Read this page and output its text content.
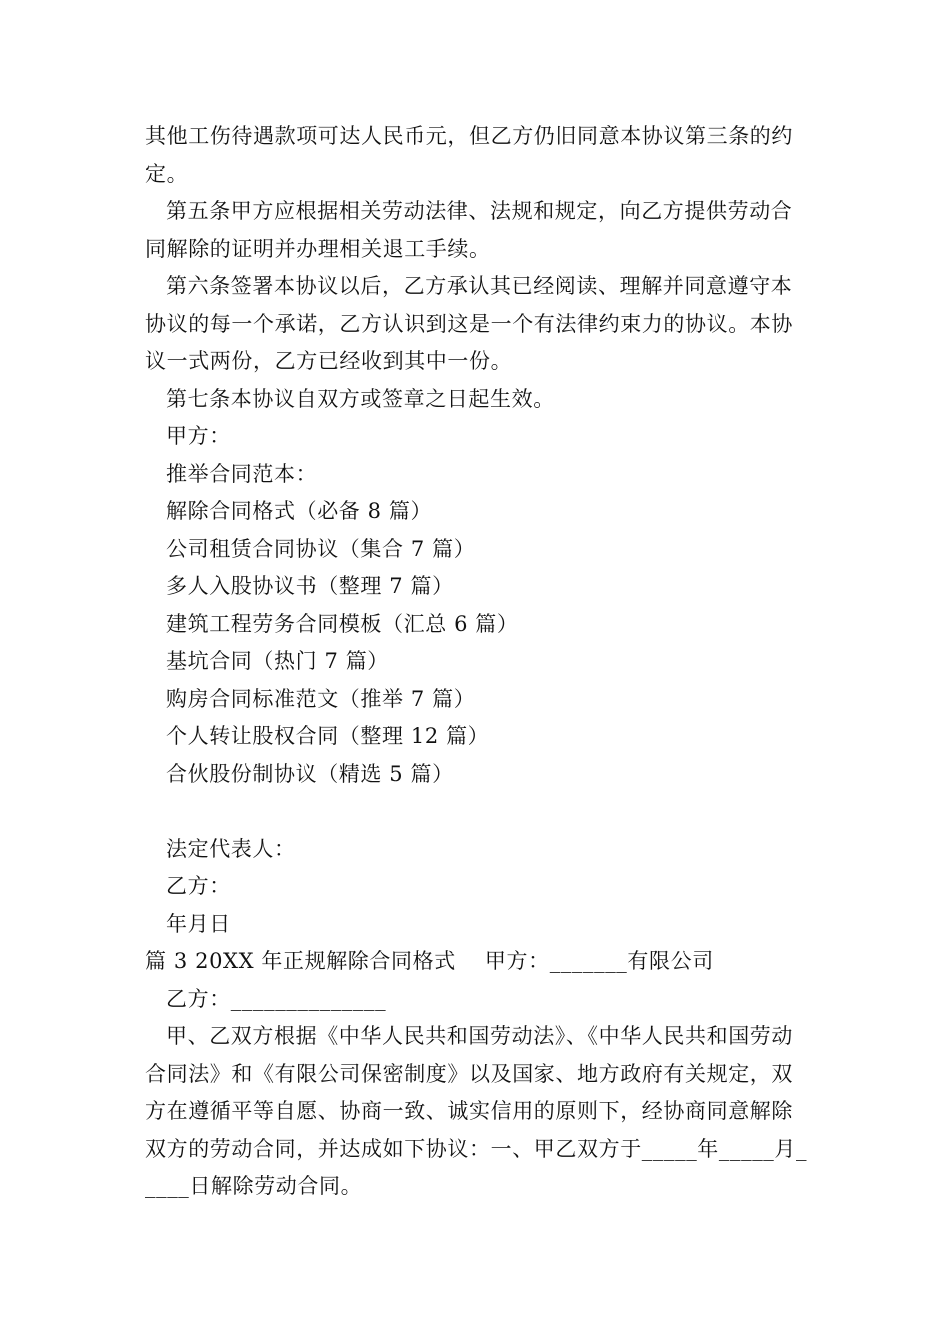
其他工伤待遇款项可达人民币元，但乙方仍旧同意本协议第三条的约定。

第五条甲方应根据相关劳动法律、法规和规定，向乙方提供劳动合同解除的证明并办理相关退工手续。

第六条签署本协议以后，乙方承认其已经阅读、理解并同意遵守本协议的每一个承诺，乙方认识到这是一个有法律约束力的协议。本协议一式两份，乙方已经收到其中一份。

第七条本协议自双方或签章之日起生效。

甲方：

推举合同范本：

解除合同格式（必备 8 篇）

公司租赁合同协议（集合 7 篇）

多人入股协议书（整理 7 篇）

建筑工程劳务合同模板（汇总 6 篇）

基坑合同（热门 7 篇）

购房合同标准范文（推举 7 篇）

个人转让股权合同（整理 12 篇）

合伙股份制协议（精选 5 篇）

法定代表人：

乙方：

年月日

篇 3 20XX 年正规解除合同格式    甲方：_______有限公司

乙方：______________

甲、乙双方根据《中华人民共和国劳动法》、《中华人民共和国劳动合同法》和《有限公司保密制度》以及国家、地方政府有关规定，双方在遵循平等自愿、协商一致、诚实信用的原则下，经协商同意解除双方的劳动合同，并达成如下协议：一、甲乙双方于_____年_____月_____日解除劳动合同。
